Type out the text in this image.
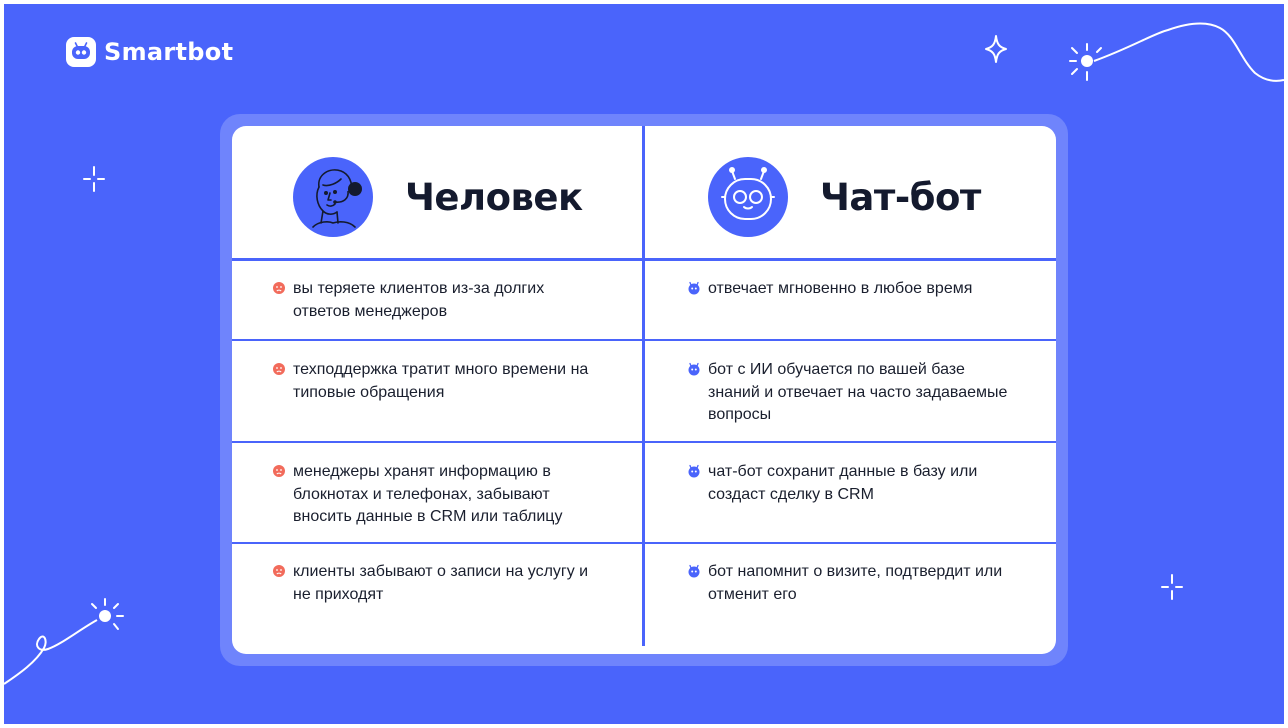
Smartbot
Человек	Чат-бот
вы теряете клиентов из-за долгих ответов менеджеров
техподдержка тратит много времени на типовые обращения
менеджеры хранят информацию в блокнотах и телефонах, забывают вносить данные в CRM или таблицу
клиенты забывают о записи на услугу и не приходят
отвечает мгновенно в любое время
бот с ИИ обучается по вашей базе знаний и отвечает на часто задаваемые вопросы
чат-бот сохранит данные в базу или создаст сделку в CRM
бот напомнит о визите, подтвердит или отменит его
